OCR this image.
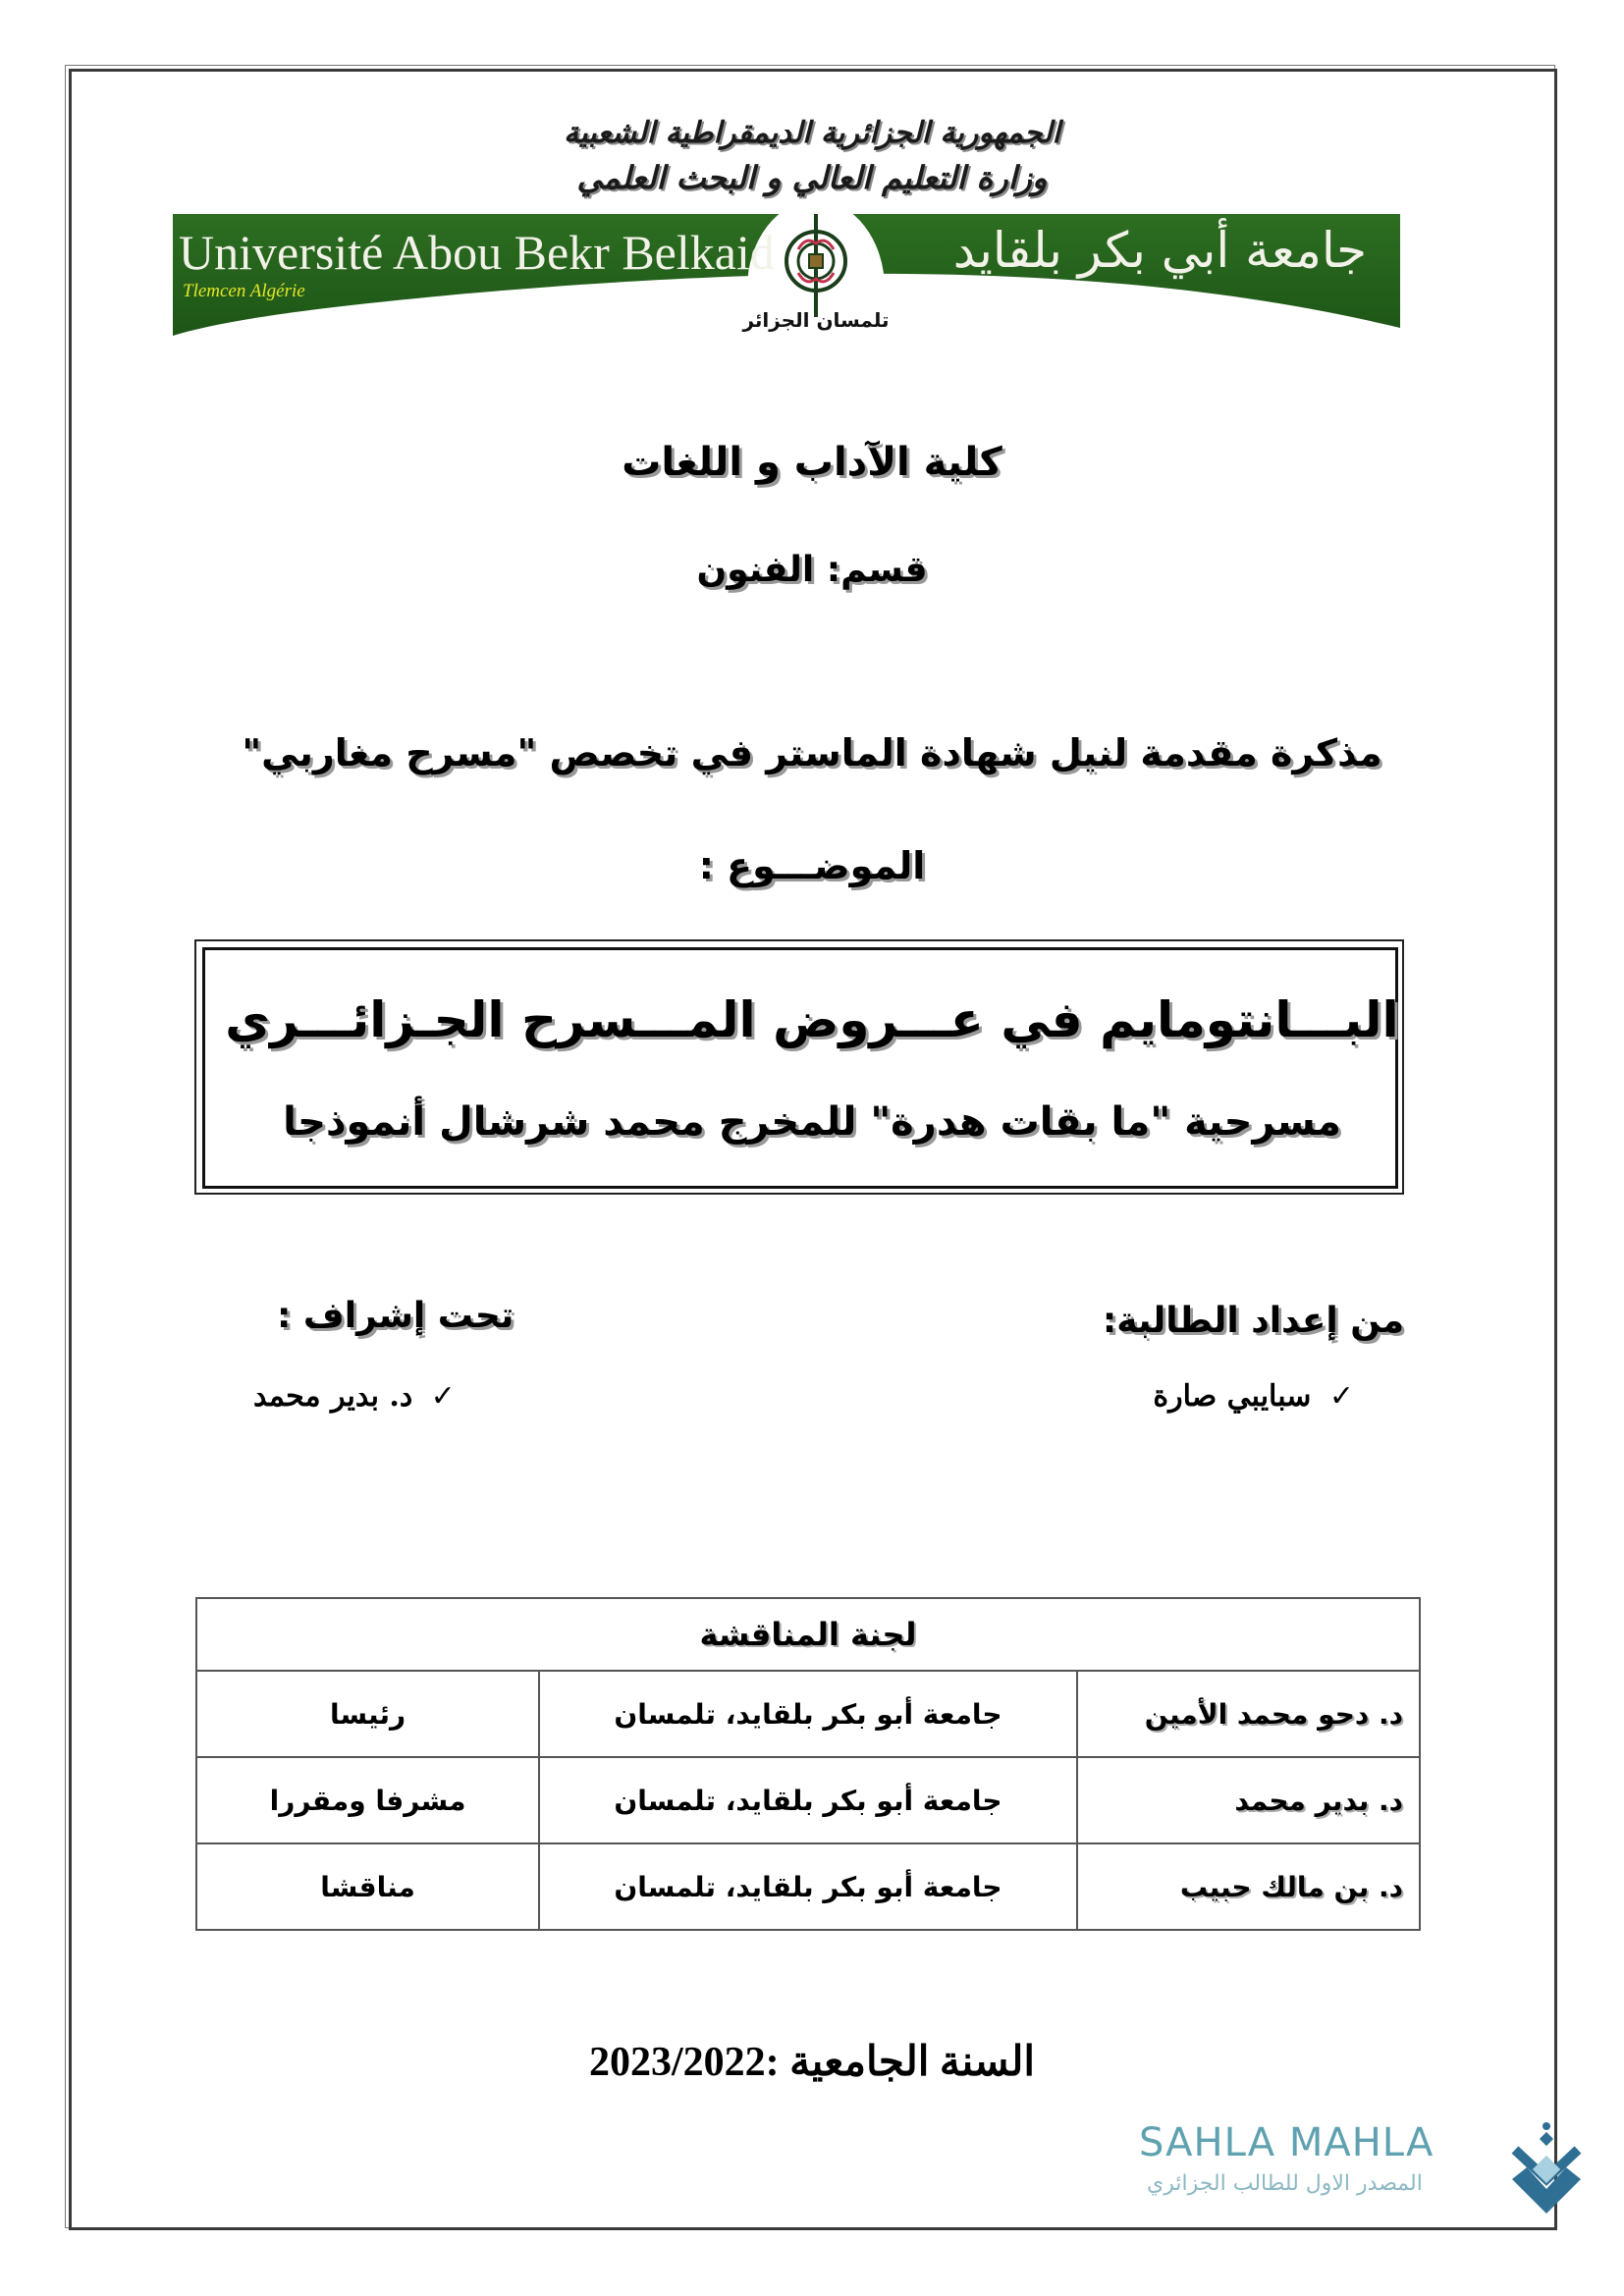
الجمهورية الجزائرية الديمقراطية الشعبية
وزارة التعليم العالي و البحث العلمي
Université Abou Bekr Belkaid
Tlemcen Algérie
جامعة أبي بكر بلقايد
تلمسان الجزائر
كلية الآداب و اللغات
قسم: الفنون
مذكرة مقدمة لنيل شهادة الماستر في تخصص "مسرح مغاربي"
الموضـــوع :
البـــانتومايم في عـــروض المـــسرح الجـزائـــري
مسرحية "ما بقات هدرة" للمخرج محمد شرشال أنموذجا
من إعداد الطالبة:
✓ سبايبي صارة
تحت إشراف :
✓ د. بدير محمد
لجنة المناقشة		
د. دحو محمد الأمين	جامعة أبو بكر بلقايد، تلمسان	رئيسا
د. بدير محمد	جامعة أبو بكر بلقايد، تلمسان	مشرفا ومقررا
د. بن مالك حبيب	جامعة أبو بكر بلقايد، تلمسان	مناقشا
السنة الجامعية :2023/2022
SAHLA MAHLA
المصدر الاول للطالب الجزائري
